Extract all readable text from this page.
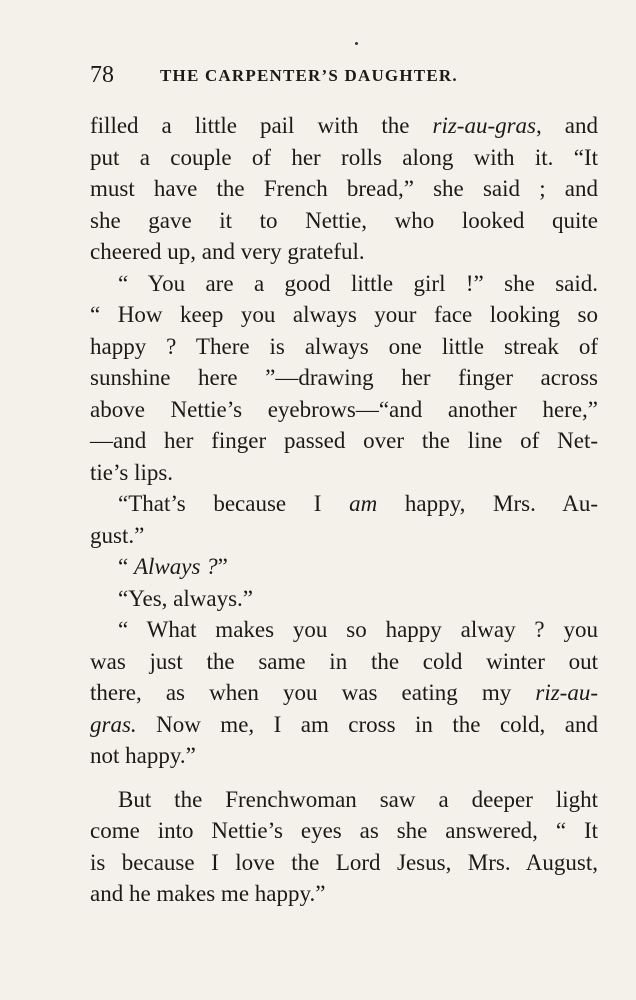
78	THE CARPENTER’S DAUGHTER.
filled a little pail with the riz-au-gras, and
put a couple of her rolls along with it. “It
must have the French bread,” she said ; and
she gave it to Nettie, who looked quite
cheered up, and very grateful.
“ You are a good little girl !” she said.
“ How keep you always your face looking so
happy ? There is always one little streak of
sunshine here ”—drawing her finger across
above Nettie’s eyebrows—“and another here,”
—and her finger passed over the line of Net-
tie’s lips.
“That’s because I am happy, Mrs. Au-
gust.”
“ Always ?”
“Yes, always.”
“ What makes you so happy alway ? you
was just the same in the cold winter out
there, as when you was eating my riz-au-
gras. Now me, I am cross in the cold, and
not happy.”
But the Frenchwoman saw a deeper light
come into Nettie’s eyes as she answered, “ It
is because I love the Lord Jesus, Mrs. August,
and he makes me happy.”
